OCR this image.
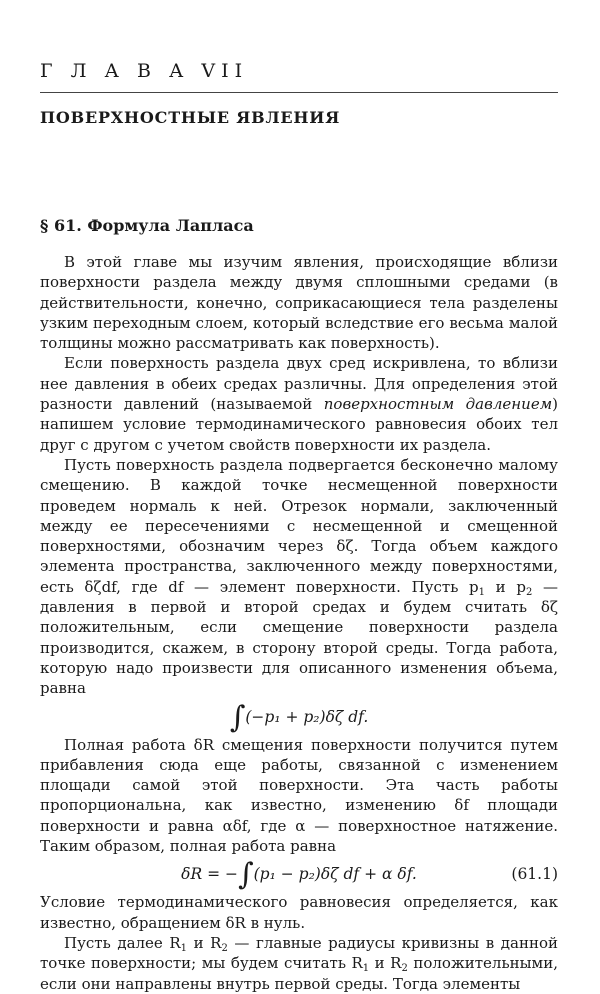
Г Л А В А VII
ПОВЕРХНОСТНЫЕ ЯВЛЕНИЯ
§ 61. Формула Лапласа

В этой главе мы изучим явления, происходящие вблизи поверхности раздела между двумя сплошными средами (в действительности, конечно, соприкасающиеся тела разделены узким переходным слоем, который вследствие его весьма малой толщины можно рассматривать как поверхность).

Если поверхность раздела двух сред искривлена, то вблизи нее давления в обеих средах различны. Для определения этой разности давлений (называемой поверхностным давлением) напишем условие термодинамического равновесия обоих тел друг с другом с учетом свойств поверхности их раздела.

Пусть поверхность раздела подвергается бесконечно малому смещению. В каждой точке несмещенной поверхности проведем нормаль к ней. Отрезок нормали, заключенный между ее пересечениями с несмещенной и смещенной поверхностями, обозначим через δζ. Тогда объем каждого элемента пространства, заключенного между поверхностями, есть δζdf, где df — элемент поверхности. Пусть $p_1$ и $p_2$ — давления в первой и второй средах и будем считать δζ положительным, если смещение поверхности раздела производится, скажем, в сторону второй среды. Тогда работа, которую надо произвести для описанного изменения объема, равна

∫(−p₁ + p₂)δζ df.

Полная работа δR смещения поверхности получится путем прибавления сюда еще работы, связанной с изменением площади самой этой поверхности. Эта часть работы пропорциональна, как известно, изменению δf площади поверхности и равна αδf, где α — поверхностное натяжение. Таким образом, полная работа равна

δR = −∫(p₁ − p₂)δζ df + α δf.	(61.1)

Условие термодинамического равновесия определяется, как известно, обращением δR в нуль.

Пусть далее $R_1$ и $R_2$ — главные радиусы кривизны в данной точке поверхности; мы будем считать $R_1$ и $R_2$ положительными, если они направлены внутрь первой среды. Тогда элементы
